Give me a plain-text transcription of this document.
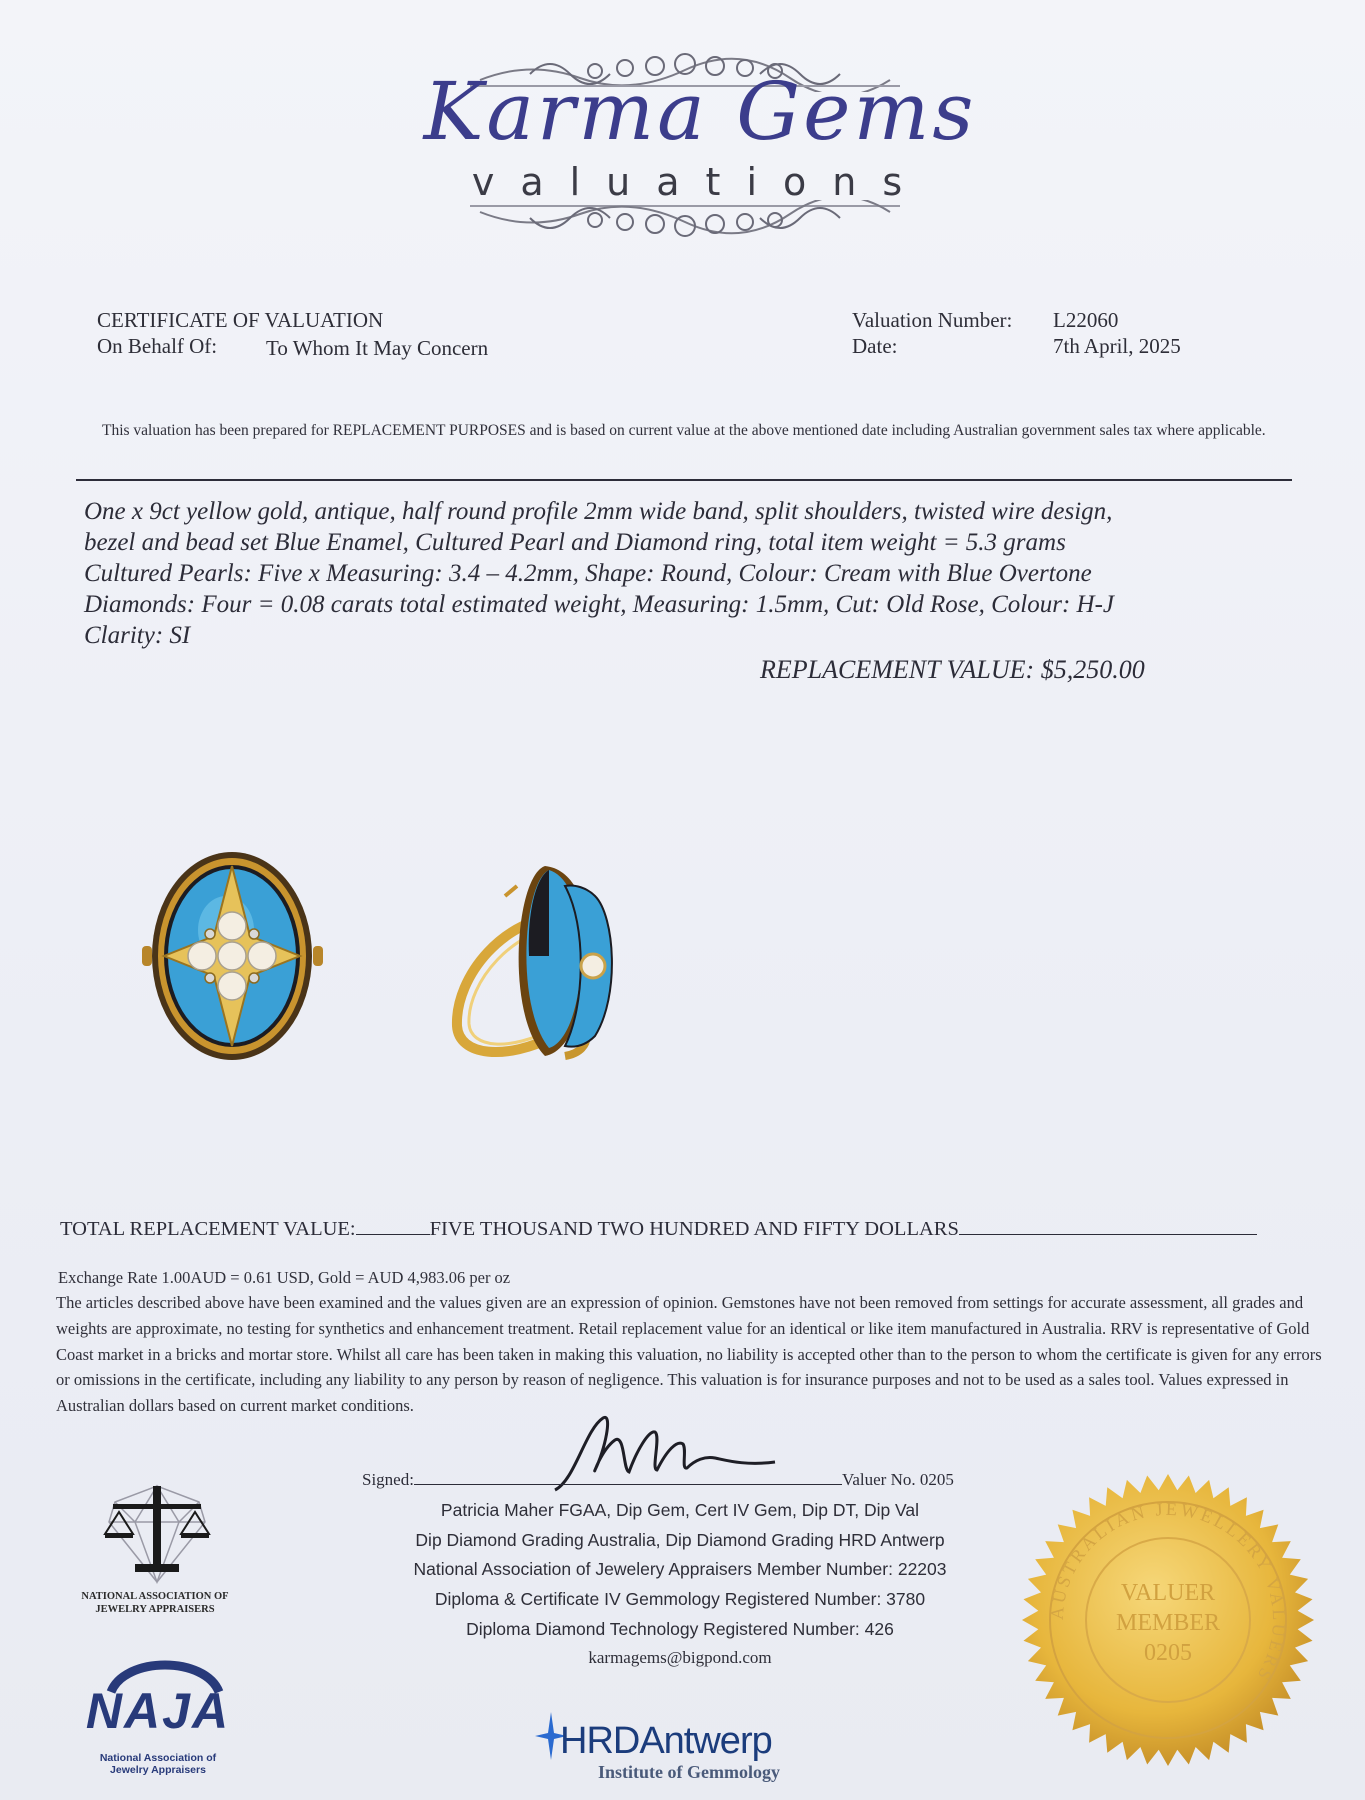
Karma Gems
valuations
CERTIFICATE OF VALUATION
On Behalf Of: To Whom It May Concern
Valuation Number: L22060
Date:	7th April, 2025
This valuation has been prepared for REPLACEMENT PURPOSES and is based on current value at the above mentioned date including Australian government sales tax where applicable.
One x 9ct yellow gold, antique, half round profile 2mm wide band, split shoulders, twisted wire design,
bezel and bead set Blue Enamel, Cultured Pearl and Diamond ring, total item weight = 5.3 grams
Cultured Pearls: Five x Measuring: 3.4 – 4.2mm, Shape: Round, Colour: Cream with Blue Overtone
Diamonds: Four = 0.08 carats total estimated weight, Measuring: 1.5mm, Cut: Old Rose, Colour: H-J
Clarity: SI
REPLACEMENT VALUE: $5,250.00
TOTAL REPLACEMENT VALUE:	FIVE THOUSAND TWO HUNDRED AND FIFTY DOLLARS
Exchange Rate 1.00AUD = 0.61 USD, Gold = AUD 4,983.06 per oz
The articles described above have been examined and the values given are an expression of opinion. Gemstones have not been removed from settings for accurate assessment, all grades and weights are approximate, no testing for synthetics and enhancement treatment. Retail replacement value for an identical or like item manufactured in Australia. RRV is representative of Gold Coast market in a bricks and mortar store. Whilst all care has been taken in making this valuation, no liability is accepted other than to the person to whom the certificate is given for any errors or omissions in the certificate, including any liability to any person by reason of negligence. This valuation is for insurance purposes and not to be used as a sales tool. Values expressed in Australian dollars based on current market conditions.
Signed:	Valuer No. 0205
Patricia Maher FGAA, Dip Gem, Cert IV Gem, Dip DT, Dip Val
Dip Diamond Grading Australia, Dip Diamond Grading HRD Antwerp
National Association of Jewelery Appraisers Member Number: 22203
Diploma & Certificate IV Gemmology Registered Number: 3780
Diploma Diamond Technology Registered Number: 426
karmagems@bigpond.com
NATIONAL ASSOCIATION OF
JEWELRY APPRAISERS
NAJA
National Association of
Jewelry Appraisers
HRDAntwerp
Institute of Gemmology
AUSTRALIAN JEWELLERY VALUERS
VALUER
MEMBER
0205
